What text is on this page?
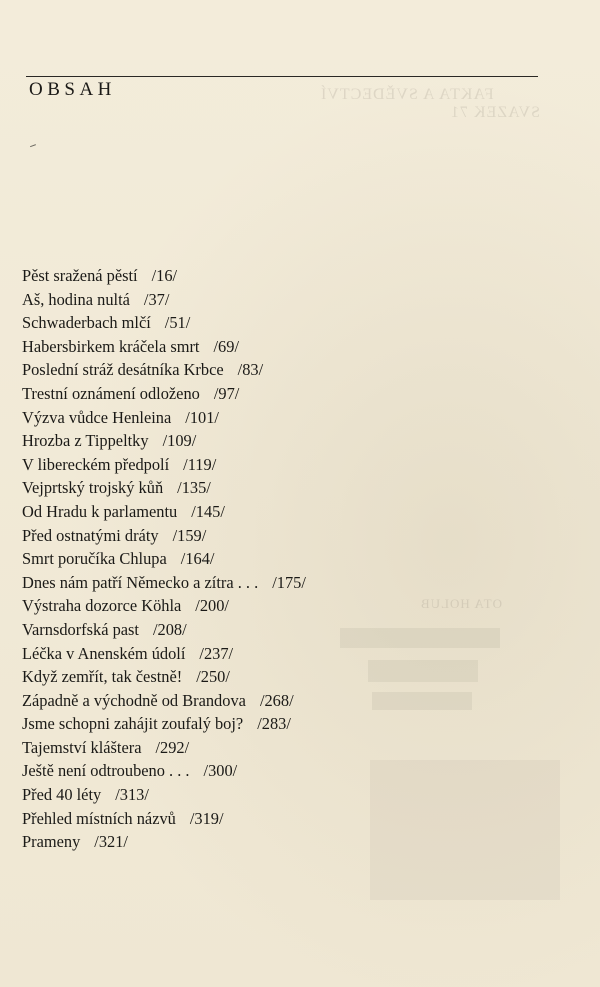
FAKTA A SVĚDECTVÍ
SVAZEK 71
OTA HOLUB
OBSAH
Pěst sražená pěstí /16/
Aš, hodina nultá /37/
Schwaderbach mlčí /51/
Habersbirkem kráčela smrt /69/
Poslední stráž desátníka Krbce /83/
Trestní oznámení odloženo /97/
Výzva vůdce Henleina /101/
Hrozba z Tippeltky /109/
V libereckém předpolí /119/
Vejprtský trojský kůň /135/
Od Hradu k parlamentu /145/
Před ostnatými dráty /159/
Smrt poručíka Chlupa /164/
Dnes nám patří Německo a zítra . . . /175/
Výstraha dozorce Köhla /200/
Varnsdorfská past /208/
Léčka v Anenském údolí /237/
Když zemřít, tak čestně! /250/
Západně a východně od Brandova /268/
Jsme schopni zahájit zoufalý boj? /283/
Tajemství kláštera /292/
Ještě není odtroubeno . . . /300/
Před 40 léty /313/
Přehled místních názvů /319/
Prameny /321/
